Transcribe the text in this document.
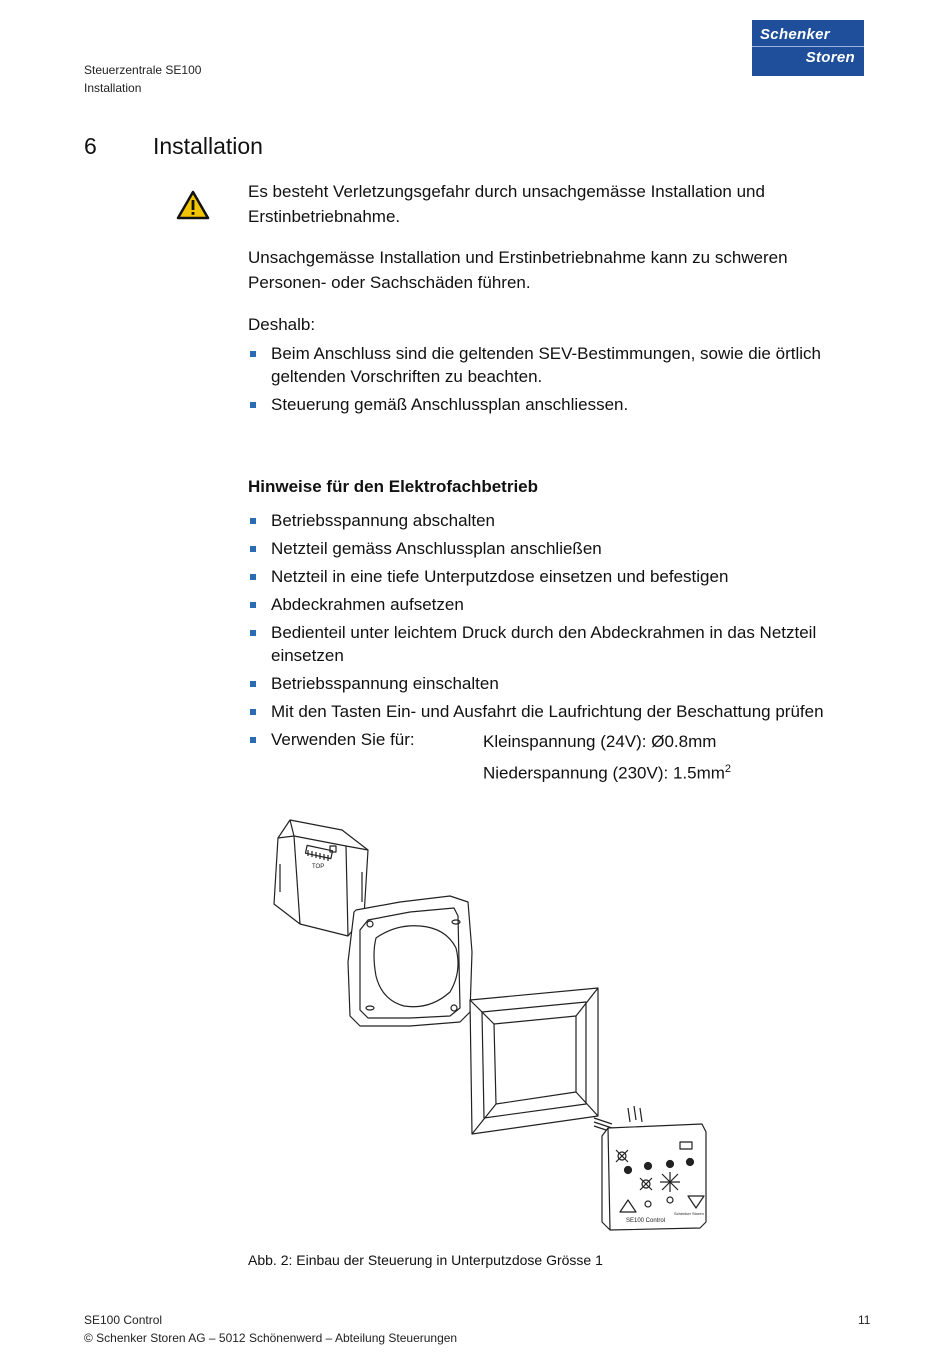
Steuerzentrale SE100
Installation
Schenker
Storen
6 Installation
Es besteht Verletzungsgefahr durch unsachgemässe Installation und Erstinbetriebnahme.
Unsachgemässe Installation und Erstinbetriebnahme kann zu schweren Personen- oder Sachschäden führen.
Deshalb:
Beim Anschluss sind die geltenden SEV-Bestimmungen, sowie die örtlich geltenden Vorschriften zu beachten.
Steuerung gemäß Anschlussplan anschliessen.
Hinweise für den Elektrofachbetrieb
Betriebsspannung abschalten
Netzteil gemäss Anschlussplan anschließen
Netzteil in eine tiefe Unterputzdose einsetzen und befestigen
Abdeckrahmen aufsetzen
Bedienteil unter leichtem Druck durch den Abdeckrahmen in das Netzteil einsetzen
Betriebsspannung einschalten
Mit den Tasten Ein- und Ausfahrt die Laufrichtung der Beschattung prüfen
Verwenden Sie für:	Kleinspannung (24V): Ø0.8mm
Niederspannung (230V): $1.5mm^2$
TOP
SE100 Control
Schenker Storen
Abb. 2: Einbau der Steuerung in Unterputzdose Grösse 1
SE100 Control	11
© Schenker Storen AG – 5012 Schönenwerd – Abteilung Steuerungen
